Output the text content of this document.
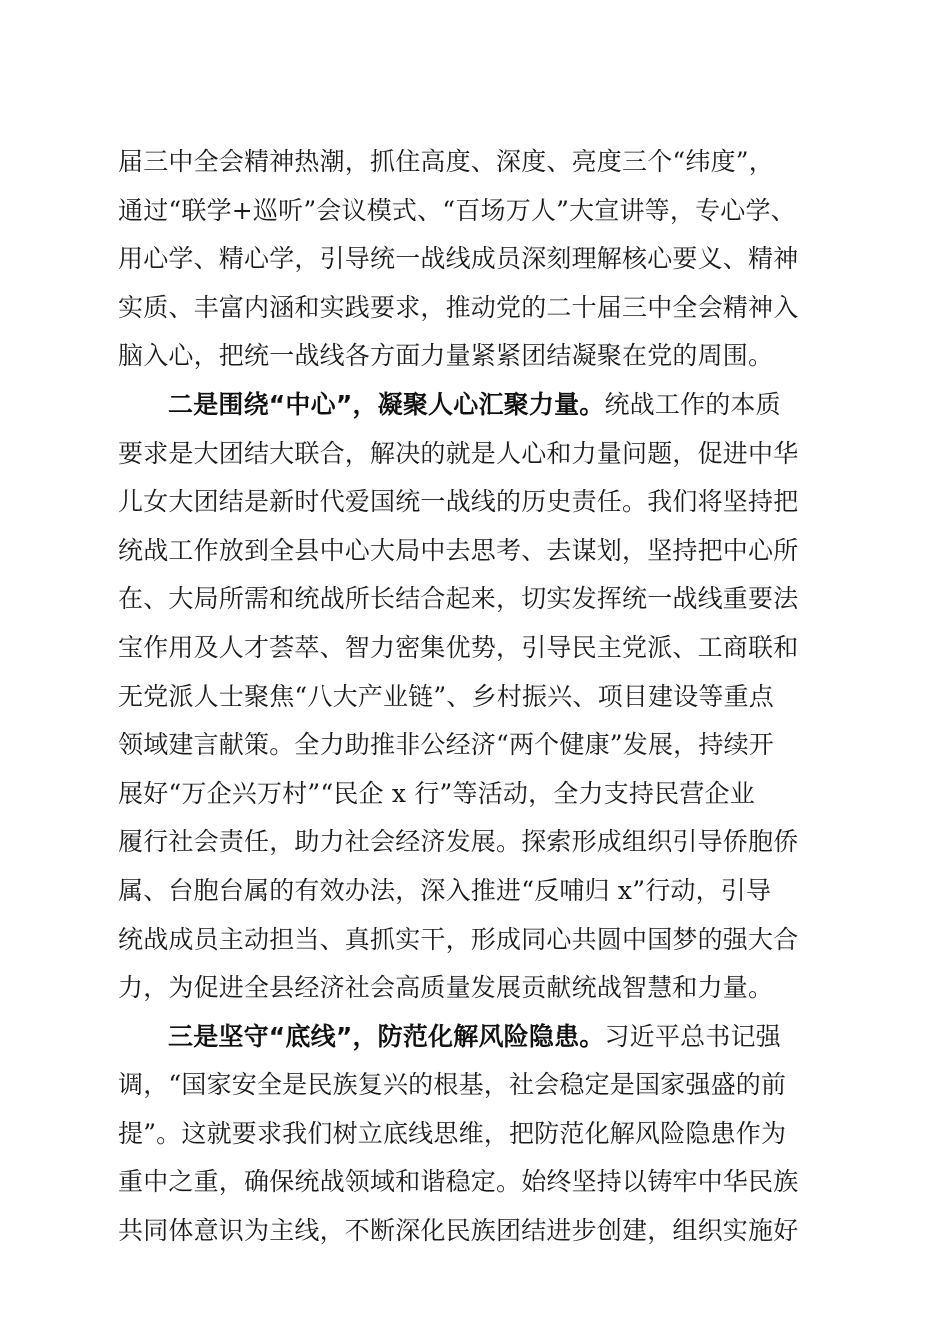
届三中全会精神热潮，抓住高度、深度、亮度三个“纬度”，
通过“联学+巡听”会议模式、“百场万人”大宣讲等，专心学、
用心学、精心学，引导统一战线成员深刻理解核心要义、精神
实质、丰富内涵和实践要求，推动党的二十届三中全会精神入
脑入心，把统一战线各方面力量紧紧团结凝聚在党的周围。
二是围绕“中心”，凝聚人心汇聚力量。统战工作的本质
要求是大团结大联合，解决的就是人心和力量问题，促进中华
儿女大团结是新时代爱国统一战线的历史责任。我们将坚持把
统战工作放到全县中心大局中去思考、去谋划，坚持把中心所
在、大局所需和统战所长结合起来，切实发挥统一战线重要法
宝作用及人才荟萃、智力密集优势，引导民主党派、工商联和
无党派人士聚焦“八大产业链”、乡村振兴、项目建设等重点
领域建言献策。全力助推非公经济“两个健康”发展，持续开
展好“万企兴万村”“民企 x 行”等活动，全力支持民营企业
履行社会责任，助力社会经济发展。探索形成组织引导侨胞侨
属、台胞台属的有效办法，深入推进“反哺归 x”行动，引导
统战成员主动担当、真抓实干，形成同心共圆中国梦的强大合
力，为促进全县经济社会高质量发展贡献统战智慧和力量。
三是坚守“底线”，防范化解风险隐患。习近平总书记强
调，“国家安全是民族复兴的根基，社会稳定是国家强盛的前
提”。这就要求我们树立底线思维，把防范化解风险隐患作为
重中之重，确保统战领域和谐稳定。始终坚持以铸牢中华民族
共同体意识为主线，不断深化民族团结进步创建，组织实施好
